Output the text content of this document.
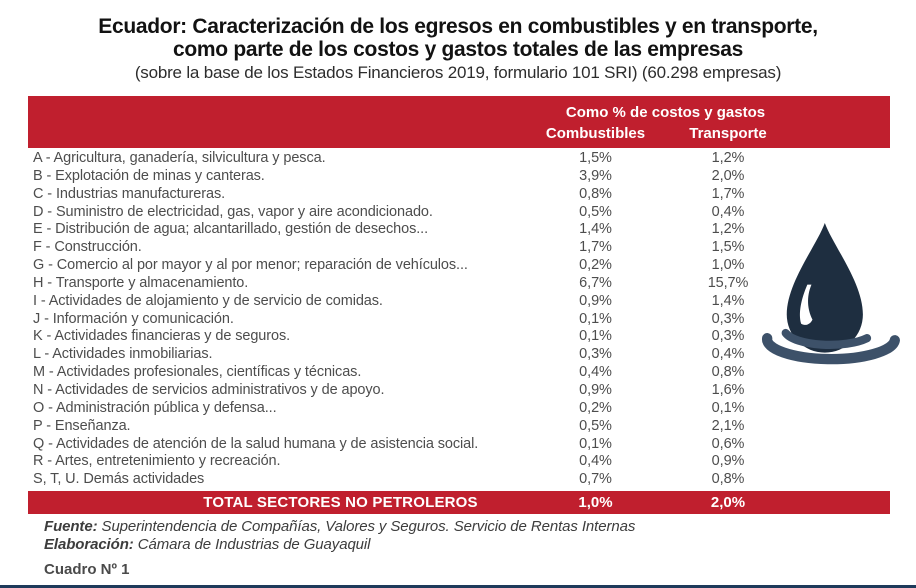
Ecuador: Caracterización de los egresos en combustibles y en transporte,
como parte de los costos y gastos totales de las empresas
(sobre la base de los Estados Financieros 2019, formulario 101 SRI) (60.298 empresas)
Como % de costos y gastos
Combustibles	Transporte
A - Agricultura, ganadería, silvicultura y pesca.	1,5%	1,2%
B - Explotación de minas y canteras.	3,9%	2,0%
C - Industrias manufactureras.	0,8%	1,7%
D - Suministro de electricidad, gas, vapor y aire acondicionado.	0,5%	0,4%
E - Distribución de agua; alcantarillado, gestión de desechos...	1,4%	1,2%
F - Construcción.	1,7%	1,5%
G - Comercio al por mayor y al por menor; reparación de vehículos...	0,2%	1,0%
H - Transporte y almacenamiento.	6,7%	15,7%
I - Actividades de alojamiento y de servicio de comidas.	0,9%	1,4%
J - Información y comunicación.	0,1%	0,3%
K - Actividades financieras y de seguros.	0,1%	0,3%
L - Actividades inmobiliarias.	0,3%	0,4%
M - Actividades profesionales, científicas y técnicas.	0,4%	0,8%
N - Actividades de servicios administrativos y de apoyo.	0,9%	1,6%
O - Administración pública y defensa...	0,2%	0,1%
P - Enseñanza.	0,5%	2,1%
Q - Actividades de atención de la salud humana y de asistencia social.	0,1%	0,6%
R - Artes, entretenimiento y recreación.	0,4%	0,9%
S, T, U. Demás actividades	0,7%	0,8%
TOTAL SECTORES NO PETROLEROS	1,0%	2,0%
Fuente: Superintendencia de Compañías, Valores y Seguros. Servicio de Rentas Internas
Elaboración: Cámara de Industrias de Guayaquil
Cuadro Nº 1
